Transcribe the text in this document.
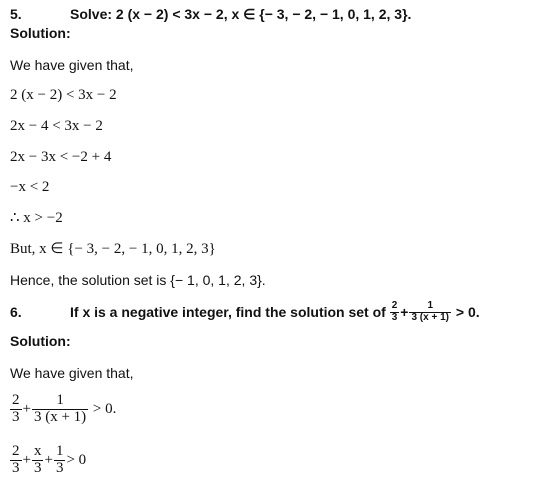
5.	Solve: 2 (x − 2) < 3x − 2, x ∈ {− 3, − 2, − 1, 0, 1, 2, 3}.
Solution:
We have given that,
2 (x − 2) < 3x − 2
2x − 4 < 3x − 2
2x − 3x < −2 + 4
−x < 2
∴ x > −2
But, x ∈ {− 3, − 2, − 1, 0, 1, 2, 3}
Hence, the solution set is {− 1, 0, 1, 2, 3}.
6.	If x is a negative integer, find the solution set of $\frac{2}{3} + \frac{1}{3 (x + 1)} > 0$.
Solution:
We have given that,
$\frac{2}{3} + \frac{1}{3 (x + 1)} > 0$.
$\frac{2}{3} + \frac{x}{3} + \frac{1}{3} > 0$
